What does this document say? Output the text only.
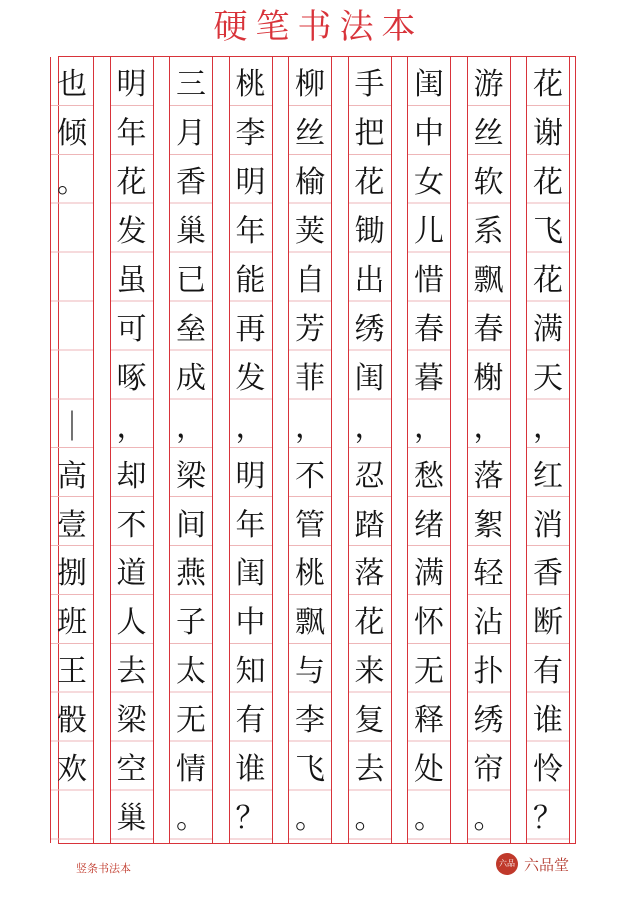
硬笔书法本
花
谢
花
飞
花
满
天
，
红
消
香
断
有
谁
怜
？
游
丝
软
系
飘
春
榭
，
落
絮
轻
沾
扑
绣
帘
。
闺
中
女
儿
惜
春
暮
，
愁
绪
满
怀
无
释
处
。
手
把
花
锄
出
绣
闺
，
忍
踏
落
花
来
复
去
。
柳
丝
榆
荚
自
芳
菲
，
不
管
桃
飘
与
李
飞
。
桃
李
明
年
能
再
发
，
明
年
闺
中
知
有
谁
？
三
月
香
巢
已
垒
成
，
梁
间
燕
子
太
无
情
。
明
年
花
发
虽
可
啄
，
却
不
道
人
去
梁
空
巢
也
倾
。
｜
高
壹
捌
班
王
骰
欢
竖条书法本	六品 六品堂
